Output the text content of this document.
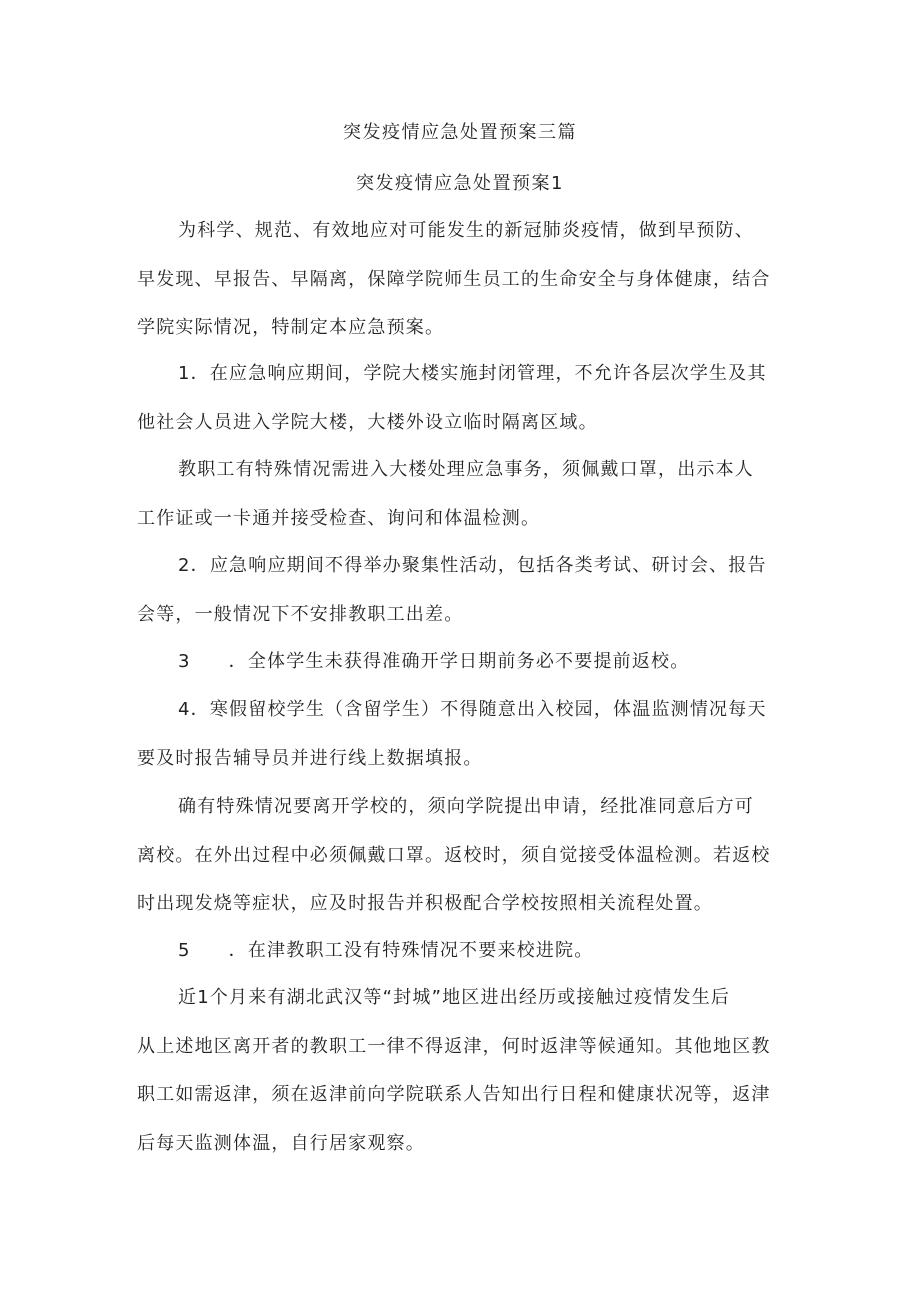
突发疫情应急处置预案三篇
突发疫情应急处置预案1

为科学、规范、有效地应对可能发生的新冠肺炎疫情，做到早预防、
早发现、早报告、早隔离，保障学院师生员工的生命安全与身体健康，结合
学院实际情况，特制定本应急预案。

1．在应急响应期间，学院大楼实施封闭管理，不允许各层次学生及其
他社会人员进入学院大楼，大楼外设立临时隔离区域。

教职工有特殊情况需进入大楼处理应急事务，须佩戴口罩，出示本人
工作证或一卡通并接受检查、询问和体温检测。

2．应急响应期间不得举办聚集性活动，包括各类考试、研讨会、报告
会等，一般情况下不安排教职工出差。

3 ．全体学生未获得准确开学日期前务必不要提前返校。

4．寒假留校学生（含留学生）不得随意出入校园，体温监测情况每天
要及时报告辅导员并进行线上数据填报。

确有特殊情况要离开学校的，须向学院提出申请，经批准同意后方可
离校。在外出过程中必须佩戴口罩。返校时，须自觉接受体温检测。若返校
时出现发烧等症状，应及时报告并积极配合学校按照相关流程处置。

5 ．在津教职工没有特殊情况不要来校进院。

近1个月来有湖北武汉等“封城”地区进出经历或接触过疫情发生后
从上述地区离开者的教职工一律不得返津，何时返津等候通知。其他地区教
职工如需返津，须在返津前向学院联系人告知出行日程和健康状况等，返津
后每天监测体温，自行居家观察。
